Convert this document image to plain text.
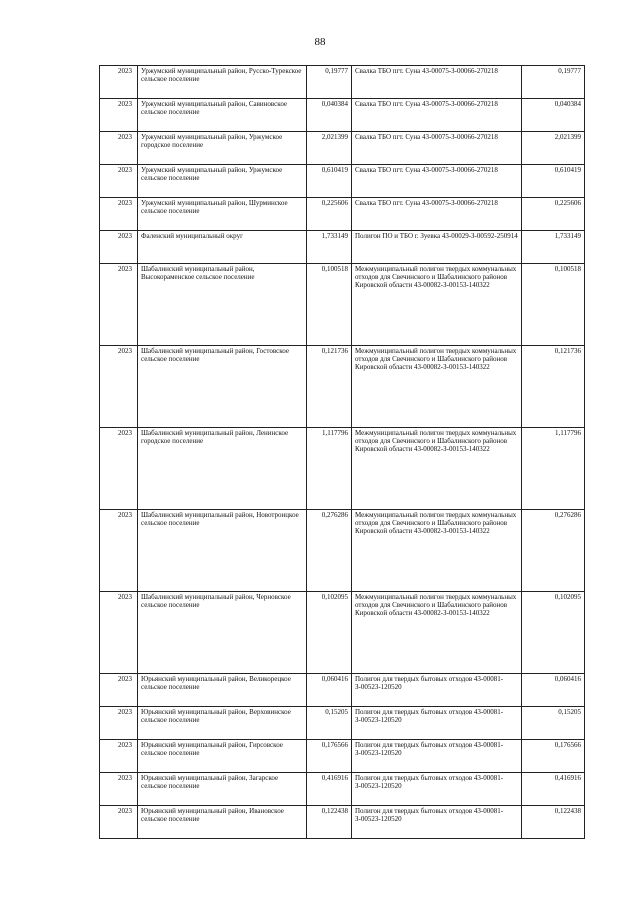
88
2023	Уржумский муниципальный район, Русско-Турекское сельское поселение	0,19777	Свалка ТБО пгт. Суна 43-00075-З-00066-270218	0,19777
2023	Уржумский муниципальный район, Савиновское сельское поселение	0,040384	Свалка ТБО пгт. Суна 43-00075-З-00066-270218	0,040384
2023	Уржумский муниципальный район, Уржумское городское поселение	2,021399	Свалка ТБО пгт. Суна 43-00075-З-00066-270218	2,021399
2023	Уржумский муниципальный район, Уржумское сельское поселение	0,610419	Свалка ТБО пгт. Суна 43-00075-З-00066-270218	0,610419
2023	Уржумский муниципальный район, Шурминское сельское поселение	0,225606	Свалка ТБО пгт. Суна 43-00075-З-00066-270218	0,225606
2023	Фаленский муниципальный округ	1,733149	Полигон ПО и ТБО г. Зуевка 43-00029-З-00592-250914	1,733149
2023	Шабалинский муниципальный район, Высокораменское сельское поселение	0,100518	Межмуниципальный полигон твердых коммунальных отходов для Свечинского и Шабалинского районов Кировской области 43-00082-З-00153-140322	0,100518
2023	Шабалинский муниципальный район, Гостовское сельское поселение	0,121736	Межмуниципальный полигон твердых коммунальных отходов для Свечинского и Шабалинского районов Кировской области 43-00082-З-00153-140322	0,121736
2023	Шабалинский муниципальный район, Ленинское городское поселение	1,117796	Межмуниципальный полигон твердых коммунальных отходов для Свечинского и Шабалинского районов Кировской области 43-00082-З-00153-140322	1,117796
2023	Шабалинский муниципальный район, Новотроицкое сельское поселение	0,276286	Межмуниципальный полигон твердых коммунальных отходов для Свечинского и Шабалинского районов Кировской области 43-00082-З-00153-140322	0,276286
2023	Шабалинский муниципальный район, Черновское сельское поселение	0,102095	Межмуниципальный полигон твердых коммунальных отходов для Свечинского и Шабалинского районов Кировской области 43-00082-З-00153-140322	0,102095
2023	Юрьянский муниципальный район, Великорецкое сельское поселение	0,060416	Полигон для твердых бытовых отходов 43-00081-З-00523-120520	0,060416
2023	Юрьянский муниципальный район, Верховинское сельское поселение	0,15205	Полигон для твердых бытовых отходов 43-00081-З-00523-120520	0,15205
2023	Юрьянский муниципальный район, Гирсовское сельское поселение	0,176566	Полигон для твердых бытовых отходов 43-00081-З-00523-120520	0,176566
2023	Юрьянский муниципальный район, Загарское сельское поселение	0,416916	Полигон для твердых бытовых отходов 43-00081-З-00523-120520	0,416916
2023	Юрьянский муниципальный район, Ивановское сельское поселение	0,122438	Полигон для твердых бытовых отходов 43-00081-З-00523-120520	0,122438
